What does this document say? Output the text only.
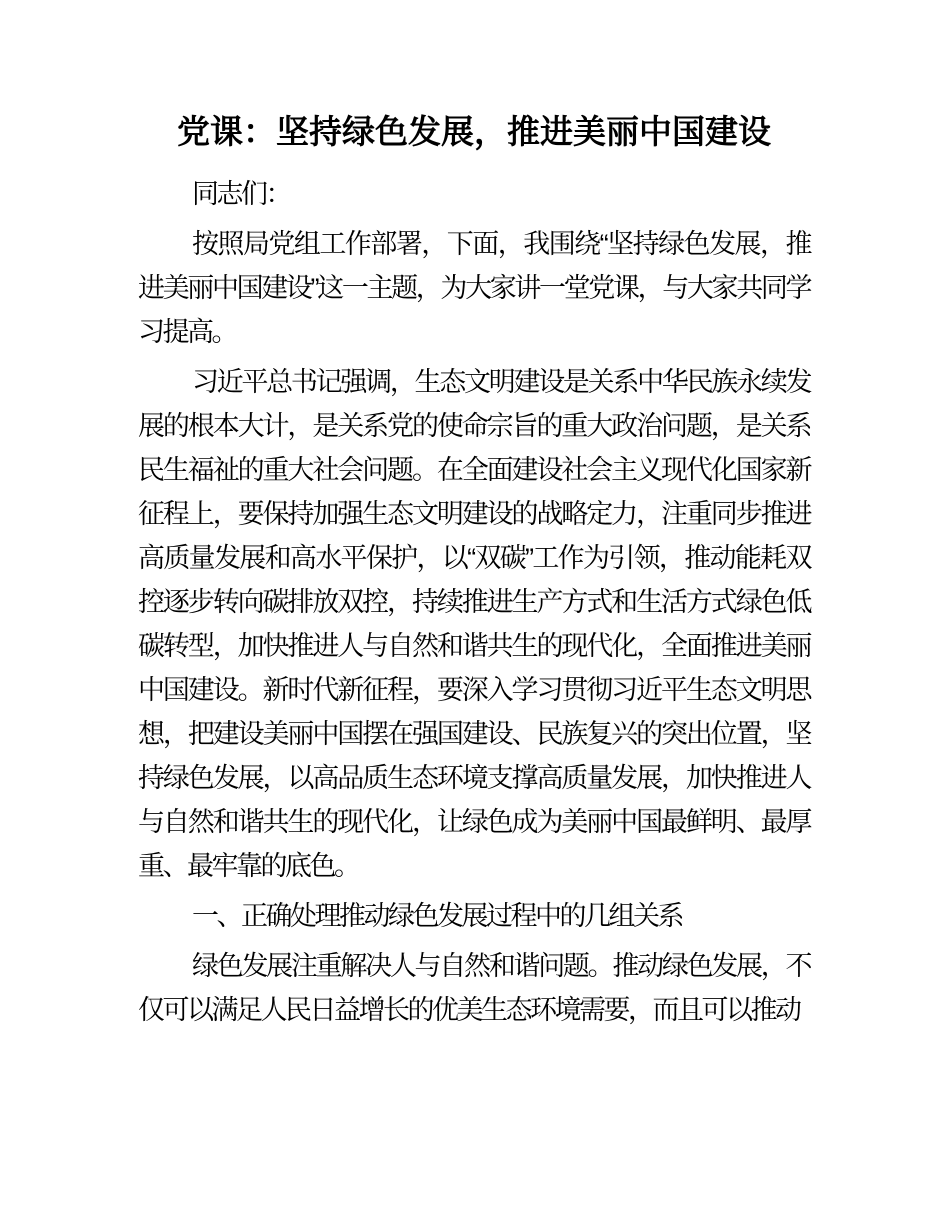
党课：坚持绿色发展，推进美丽中国建设

同志们：

按照局党组工作部署，下面，我围绕“坚持绿色发展，推进美丽中国建设”这一主题，为大家讲一堂党课，与大家共同学习提高。

习近平总书记强调，生态文明建设是关系中华民族永续发展的根本大计，是关系党的使命宗旨的重大政治问题，是关系民生福祉的重大社会问题。在全面建设社会主义现代化国家新征程上，要保持加强生态文明建设的战略定力，注重同步推进高质量发展和高水平保护，以“双碳”工作为引领，推动能耗双控逐步转向碳排放双控，持续推进生产方式和生活方式绿色低碳转型，加快推进人与自然和谐共生的现代化，全面推进美丽中国建设。新时代新征程，要深入学习贯彻习近平生态文明思想，把建设美丽中国摆在强国建设、民族复兴的突出位置，坚持绿色发展，以高品质生态环境支撑高质量发展，加快推进人与自然和谐共生的现代化，让绿色成为美丽中国最鲜明、最厚重、最牢靠的底色。

一、正确处理推动绿色发展过程中的几组关系

绿色发展注重解决人与自然和谐问题。推动绿色发展，不仅可以满足人民日益增长的优美生态环境需要，而且可以推动
